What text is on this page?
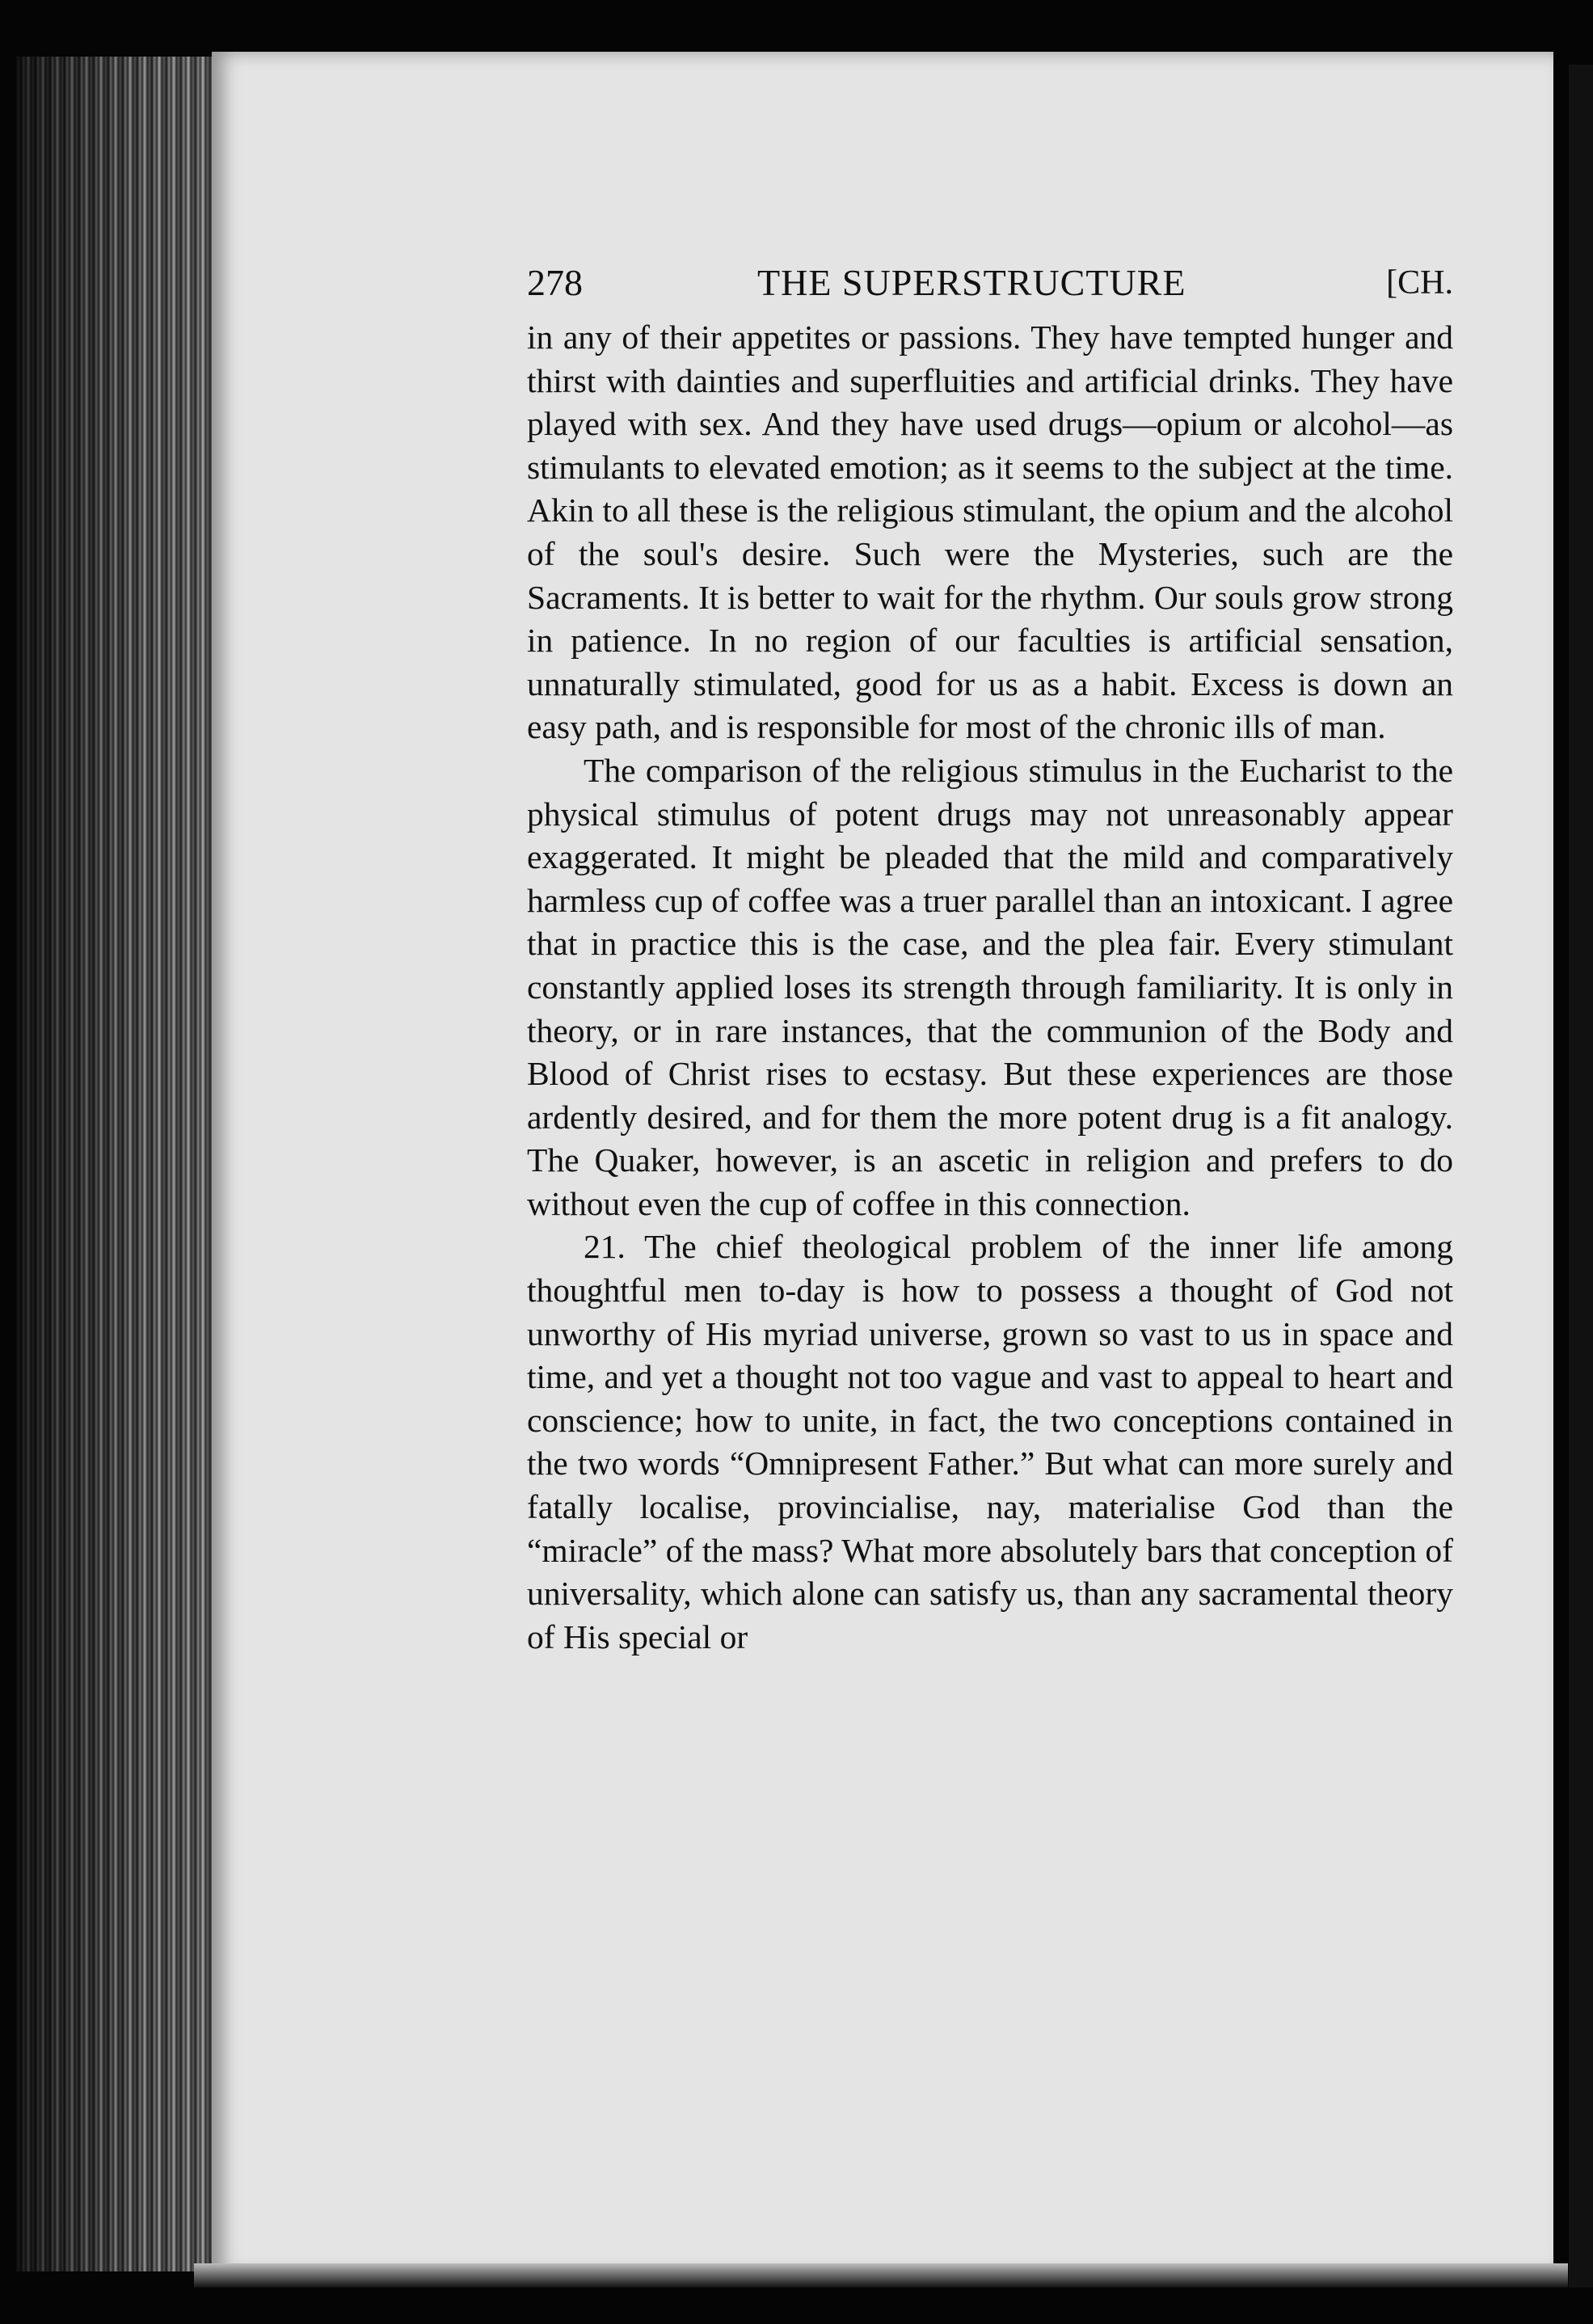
278	THE SUPERSTRUCTURE	[CH.

in any of their appetites or passions. They have tempted hunger and thirst with dainties and superfluities and artificial drinks. They have played with sex. And they have used drugs—opium or alcohol—as stimulants to elevated emotion; as it seems to the subject at the time. Akin to all these is the religious stimulant, the opium and the alcohol of the soul's desire. Such were the Mysteries, such are the Sacraments. It is better to wait for the rhythm. Our souls grow strong in patience. In no region of our faculties is artificial sensation, unnaturally stimulated, good for us as a habit. Excess is down an easy path, and is responsible for most of the chronic ills of man.

The comparison of the religious stimulus in the Eucharist to the physical stimulus of potent drugs may not unreasonably appear exaggerated. It might be pleaded that the mild and comparatively harmless cup of coffee was a truer parallel than an intoxicant. I agree that in practice this is the case, and the plea fair. Every stimulant constantly applied loses its strength through familiarity. It is only in theory, or in rare instances, that the communion of the Body and Blood of Christ rises to ecstasy. But these experiences are those ardently desired, and for them the more potent drug is a fit analogy. The Quaker, however, is an ascetic in religion and prefers to do without even the cup of coffee in this connection.

21. The chief theological problem of the inner life among thoughtful men to-day is how to possess a thought of God not unworthy of His myriad universe, grown so vast to us in space and time, and yet a thought not too vague and vast to appeal to heart and conscience; how to unite, in fact, the two conceptions contained in the two words “Omnipresent Father.” But what can more surely and fatally localise, provincialise, nay, materialise God than the “miracle” of the mass? What more absolutely bars that conception of universality, which alone can satisfy us, than any sacramental theory of His special or
